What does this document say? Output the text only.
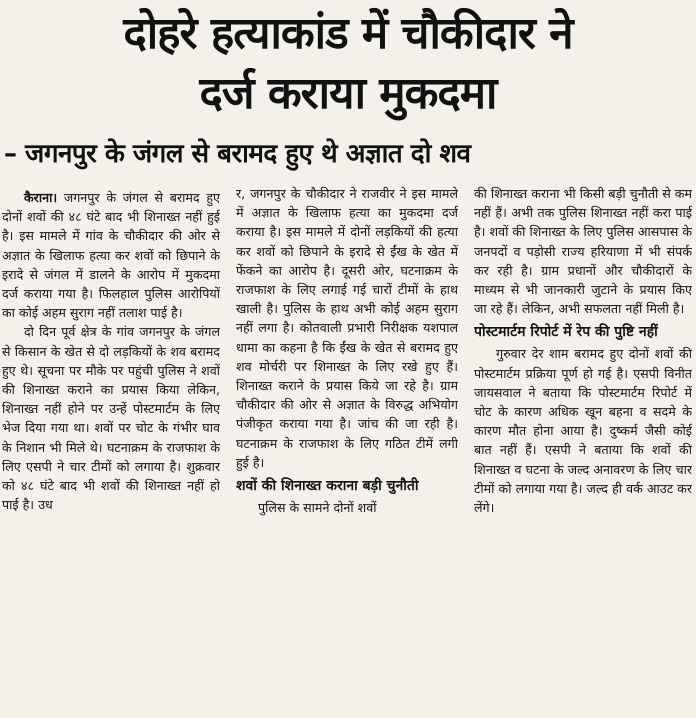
दोहरे हत्याकांड में चौकीदार ने
दर्ज कराया मुकदमा
– जगनपुर के जंगल से बरामद हुए थे अज्ञात दो शव

कैराना। जगनपुर के जंगल से बरामद हुए दोनों शवों की ४८ घंटे बाद भी शिनाख्त नहीं हुई है। इस मामले में गांव के चौकीदार की ओर से अज्ञात के खिलाफ हत्या कर शवों को छिपाने के इरादे से जंगल में डालने के आरोप में मुकदमा दर्ज कराया गया है। फिलहाल पुलिस आरोपियों का कोई अहम सुराग नहीं तलाश पाई है।

दो दिन पूर्व क्षेत्र के गांव जगनपुर के जंगल से किसान के खेत से दो लड़कियों के शव बरामद हुए थे। सूचना पर मौके पर पहुंची पुलिस ने शवों की शिनाख्त कराने का प्रयास किया लेकिन, शिनाख्त नहीं होने पर उन्हें पोस्टमार्टम के लिए भेज दिया गया था। शवों पर चोट के गंभीर घाव के निशान भी मिले थे। घटनाक्रम के राजफाश के लिए एसपी ने चार टीमों को लगाया है। शुक्रवार को ४८ घंटे बाद भी शवों की शिनाख्त नहीं हो पाई है। उध

र, जगनपुर के चौकीदार ने राजवीर ने इस मामले में अज्ञात के खिलाफ हत्या का मुकदमा दर्ज कराया है। इस मामले में दोनों लड़कियों की हत्या कर शवों को छिपाने के इरादे से ईंख के खेत में फेंकने का आरोप है। दूसरी ओर, घटनाक्रम के राजफाश के लिए लगाई गई चारों टीमों के हाथ खाली है। पुलिस के हाथ अभी कोई अहम सुराग नहीं लगा है। कोतवाली प्रभारी निरीक्षक यशपाल धामा का कहना है कि ईंख के खेत से बरामद हुए शव मोर्चरी पर शिनाख्त के लिए रखे हुए हैं। शिनाख्त कराने के प्रयास किये जा रहे है। ग्राम चौकीदार की ओर से अज्ञात के विरुद्ध अभियोग पंजीकृत कराया गया है। जांच की जा रही है। घटनाक्रम के राजफाश के लिए गठित टीमें लगी हुई है।

शवों की शिनाख्त कराना बड़ी चुनौती

पुलिस के सामने दोनों शवों

की शिनाख्त कराना भी किसी बड़ी चुनौती से कम नहीं हैं। अभी तक पुलिस शिनाख्त नहीं करा पाई है। शवों की शिनाख्त के लिए पुलिस आसपास के जनपदों व पड़ोसी राज्य हरियाणा में भी संपर्क कर रही है। ग्राम प्रधानों और चौकीदारों के माध्यम से भी जानकारी जुटाने के प्रयास किए जा रहे हैं। लेकिन, अभी सफलता नहीं मिली है।

पोस्टमार्टम रिपोर्ट में रेप की पुष्टि नहीं

गुरुवार देर शाम बरामद हुए दोनों शवों की पोस्टमार्टम प्रक्रिया पूर्ण हो गई है। एसपी विनीत जायसवाल ने बताया कि पोस्टमार्टम रिपोर्ट में चोट के कारण अधिक खून बहना व सदमे के कारण मौत होना आया है। दुष्कर्म जैसी कोई बात नहीं हैं। एसपी ने बताया कि शवों की शिनाख्त व घटना के जल्द अनावरण के लिए चार टीमों को लगाया गया है। जल्द ही वर्क आउट कर लेंगे।
